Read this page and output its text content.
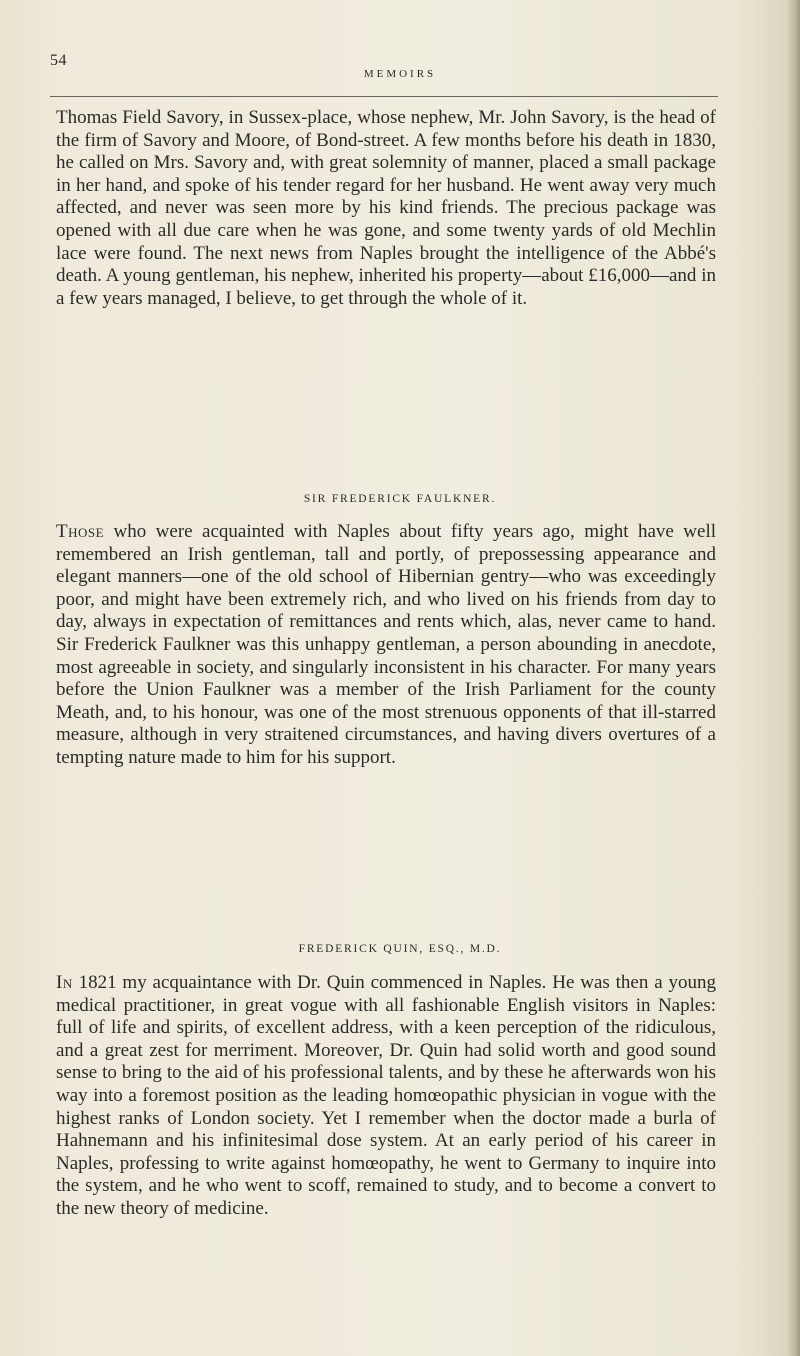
54
MEMOIRS
Thomas Field Savory, in Sussex-place, whose nephew, Mr. John Savory, is the head of the firm of Savory and Moore, of Bond-street. A few months before his death in 1830, he called on Mrs. Savory and, with great solemnity of manner, placed a small package in her hand, and spoke of his tender regard for her husband. He went away very much affected, and never was seen more by his kind friends. The precious package was opened with all due care when he was gone, and some twenty yards of old Mechlin lace were found. The next news from Naples brought the intelligence of the Abbé's death. A young gentleman, his nephew, inherited his property—about £16,000—and in a few years managed, I believe, to get through the whole of it.
SIR FREDERICK FAULKNER.
Those who were acquainted with Naples about fifty years ago, might have well remembered an Irish gentleman, tall and portly, of prepossessing appearance and elegant manners—one of the old school of Hibernian gentry—who was exceedingly poor, and might have been extremely rich, and who lived on his friends from day to day, always in expectation of remittances and rents which, alas, never came to hand. Sir Frederick Faulkner was this unhappy gentleman, a person abounding in anecdote, most agreeable in society, and singularly inconsistent in his character. For many years before the Union Faulkner was a member of the Irish Parliament for the county Meath, and, to his honour, was one of the most strenuous opponents of that ill-starred measure, although in very straitened circumstances, and having divers overtures of a tempting nature made to him for his support.
FREDERICK QUIN, ESQ., M.D.
In 1821 my acquaintance with Dr. Quin commenced in Naples. He was then a young medical practitioner, in great vogue with all fashionable English visitors in Naples: full of life and spirits, of excellent address, with a keen perception of the ridiculous, and a great zest for merriment. Moreover, Dr. Quin had solid worth and good sound sense to bring to the aid of his professional talents, and by these he afterwards won his way into a foremost position as the leading homœopathic physician in vogue with the highest ranks of London society. Yet I remember when the doctor made a burla of Hahnemann and his infinitesimal dose system. At an early period of his career in Naples, professing to write against homœopathy, he went to Germany to inquire into the system, and he who went to scoff, remained to study, and to become a convert to the new theory of medicine.
